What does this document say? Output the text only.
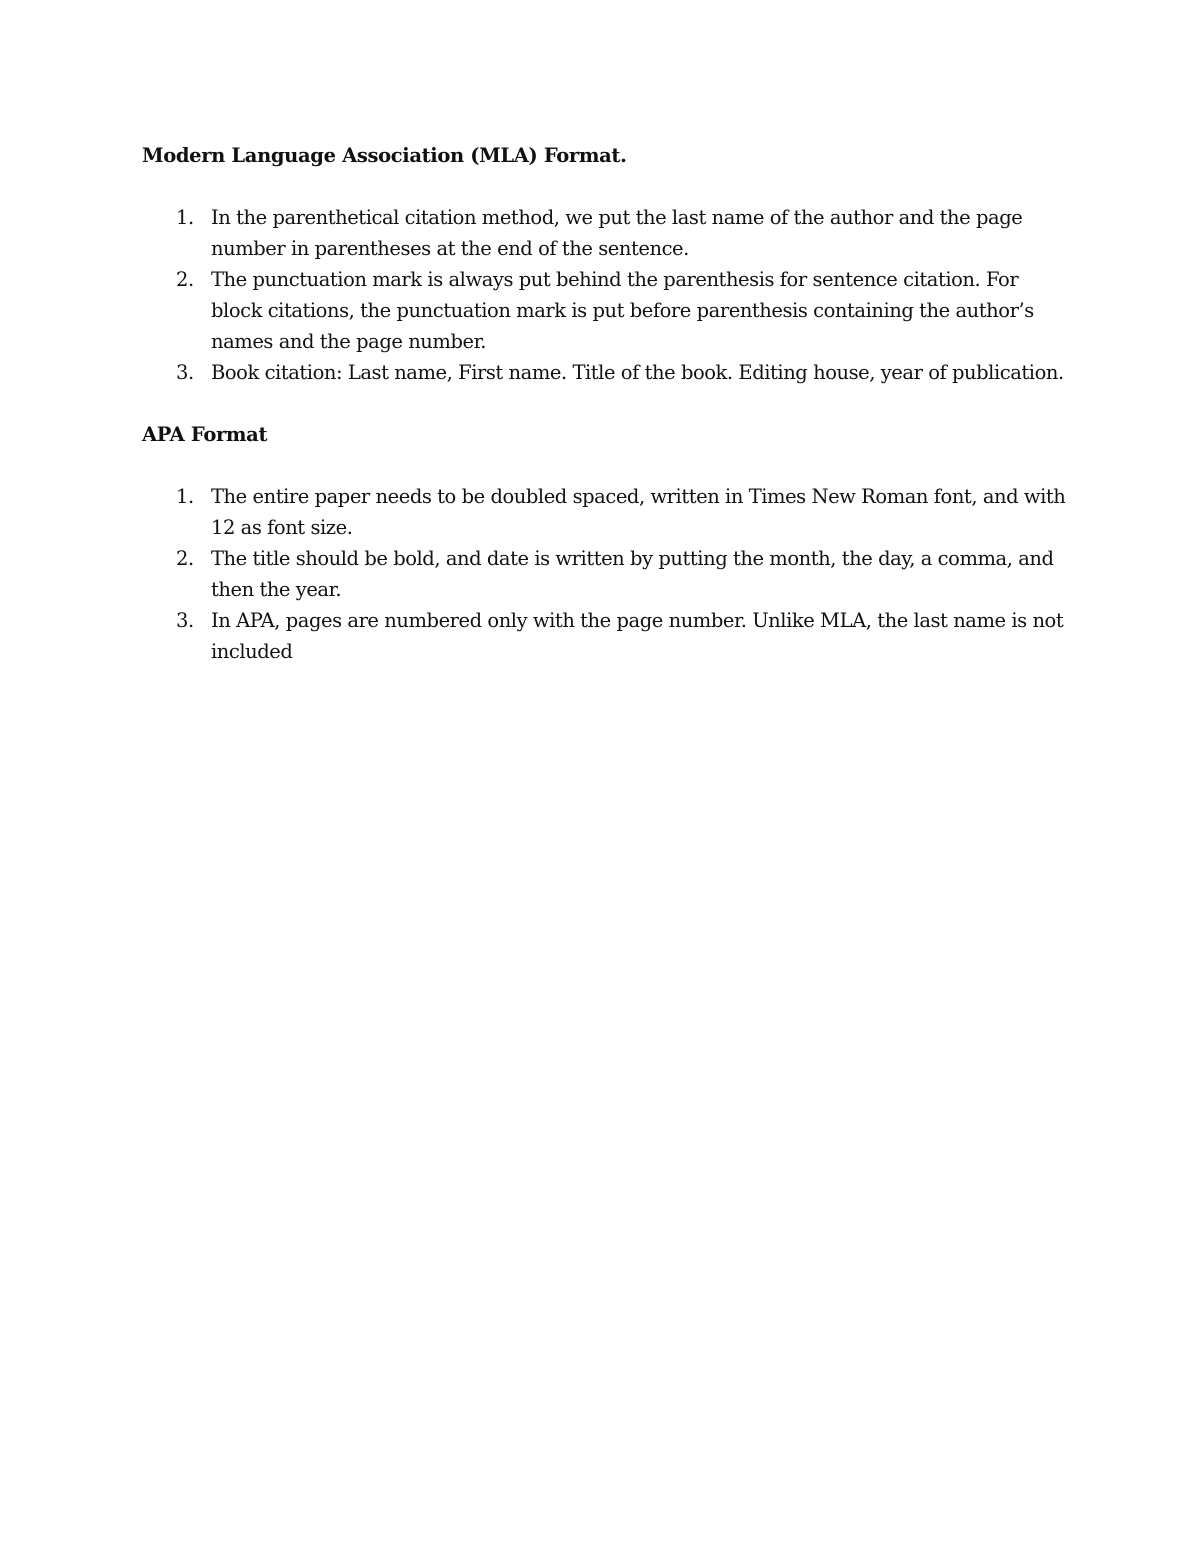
Modern Language Association (MLA) Format.
1. In the parenthetical citation method, we put the last name of the author and the page number in parentheses at the end of the sentence.
2. The punctuation mark is always put behind the parenthesis for sentence citation. For block citations, the punctuation mark is put before parenthesis containing the author’s names and the page number.
3. Book citation: Last name, First name. Title of the book. Editing house, year of publication.
APA Format
1. The entire paper needs to be doubled spaced, written in Times New Roman font, and with 12 as font size.
2. The title should be bold, and date is written by putting the month, the day, a comma, and then the year.
3. In APA, pages are numbered only with the page number. Unlike MLA, the last name is not included
